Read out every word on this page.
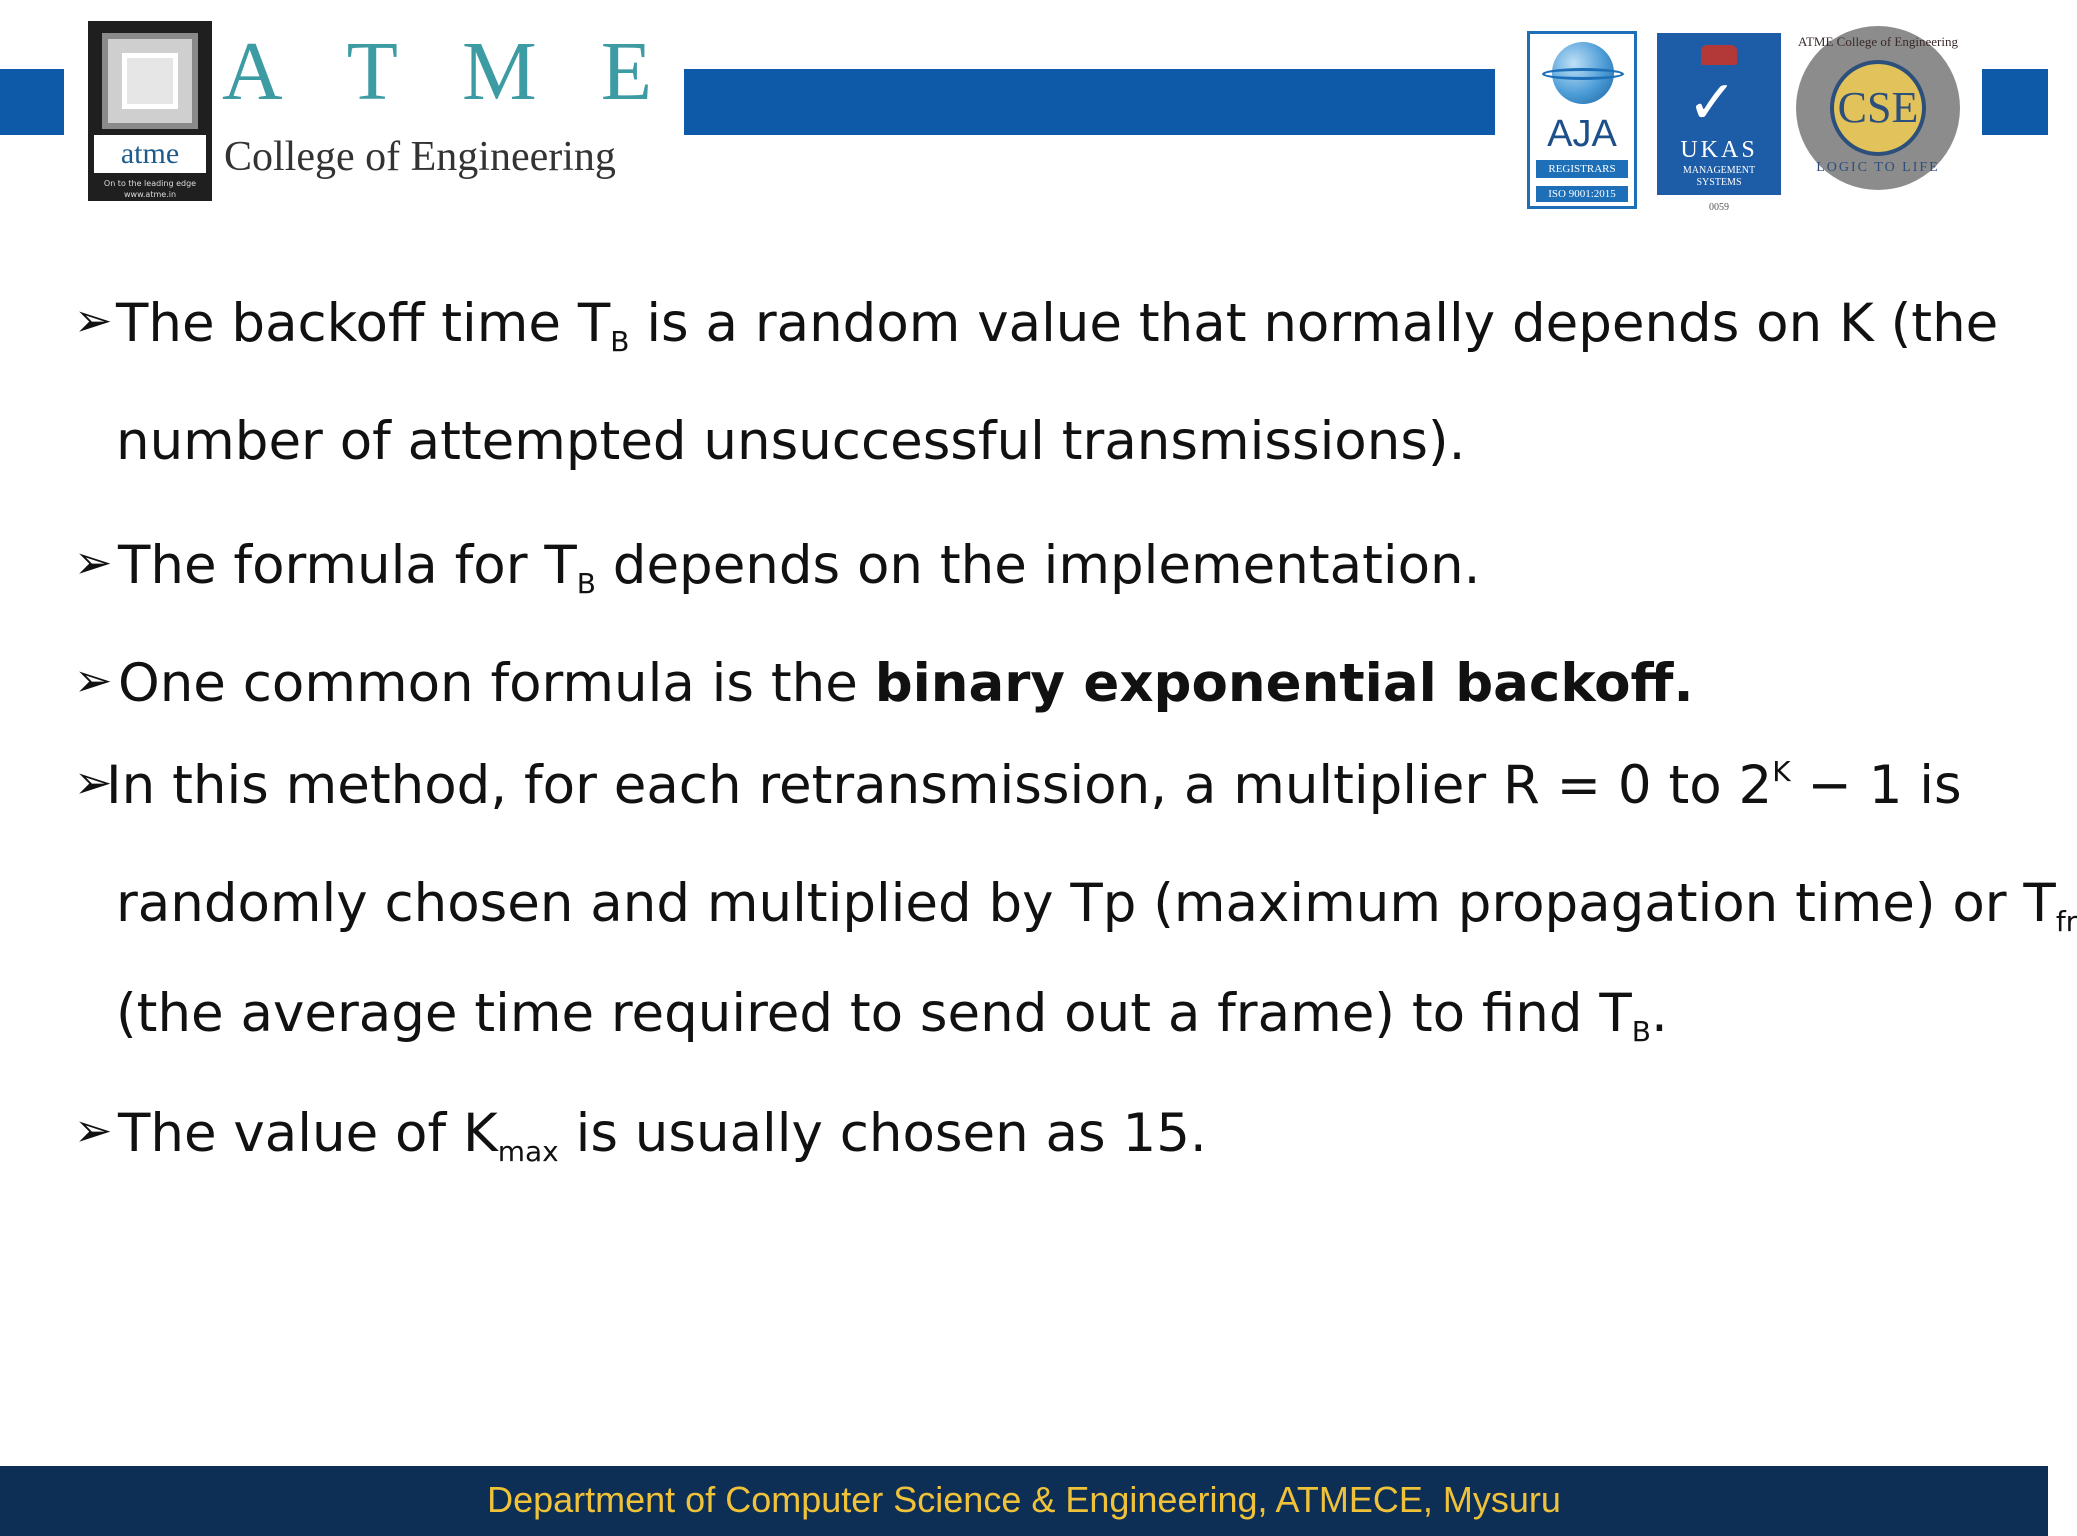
atme
On to the leading edge
www.atme.in
A T M E
College of Engineering	AJA
REGISTRARS
ISO 9001:2015
✓
UKAS
MANAGEMENT
SYSTEMS
0059
ATME College of Engineering
CSE
LOGIC TO LIFE
➢ The backoff time $T_B$ is a random value that normally depends on K (the
number of attempted unsuccessful transmissions).
➢ The formula for $T_B$ depends on the implementation.
➢ One common formula is the binary exponential backoff.
➢
In this method, for each retransmission, a multiplier R = 0 to $2^K - 1$ is
randomly chosen and multiplied by Tp (maximum propagation time) or $T_{fr}$
(the average time required to send out a frame) to find $T_B$.
➢ The value of $K_{max}$ is usually chosen as 15.
Department of Computer Science & Engineering, ATMECE, Mysuru
